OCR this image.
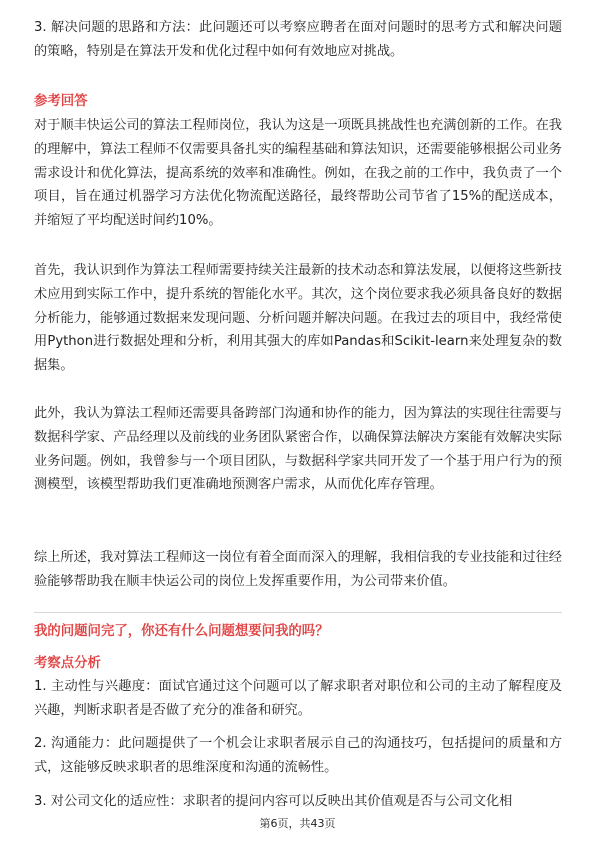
3. 解决问题的思路和方法：此问题还可以考察应聘者在面对问题时的思考方式和解决问题的策略，特别是在算法开发和优化过程中如何有效地应对挑战。
参考回答
对于顺丰快运公司的算法工程师岗位，我认为这是一项既具挑战性也充满创新的工作。在我的理解中，算法工程师不仅需要具备扎实的编程基础和算法知识，还需要能够根据公司业务需求设计和优化算法，提高系统的效率和准确性。例如，在我之前的工作中，我负责了一个项目，旨在通过机器学习方法优化物流配送路径，最终帮助公司节省了15%的配送成本，并缩短了平均配送时间约10%。
首先，我认识到作为算法工程师需要持续关注最新的技术动态和算法发展，以便将这些新技术应用到实际工作中，提升系统的智能化水平。其次，这个岗位要求我必须具备良好的数据分析能力，能够通过数据来发现问题、分析问题并解决问题。在我过去的项目中，我经常使用Python进行数据处理和分析，利用其强大的库如Pandas和Scikit-learn来处理复杂的数据集。
此外，我认为算法工程师还需要具备跨部门沟通和协作的能力，因为算法的实现往往需要与数据科学家、产品经理以及前线的业务团队紧密合作，以确保算法解决方案能有效解决实际业务问题。例如，我曾参与一个项目团队，与数据科学家共同开发了一个基于用户行为的预测模型，该模型帮助我们更准确地预测客户需求，从而优化库存管理。
综上所述，我对算法工程师这一岗位有着全面而深入的理解，我相信我的专业技能和过往经验能够帮助我在顺丰快运公司的岗位上发挥重要作用，为公司带来价值。
我的问题问完了，你还有什么问题想要问我的吗？
考察点分析
1. 主动性与兴趣度：面试官通过这个问题可以了解求职者对职位和公司的主动了解程度及兴趣，判断求职者是否做了充分的准备和研究。
2. 沟通能力：此问题提供了一个机会让求职者展示自己的沟通技巧，包括提问的质量和方式，这能够反映求职者的思维深度和沟通的流畅性。
3. 对公司文化的适应性：求职者的提问内容可以反映出其价值观是否与公司文化相
第6页，共43页
